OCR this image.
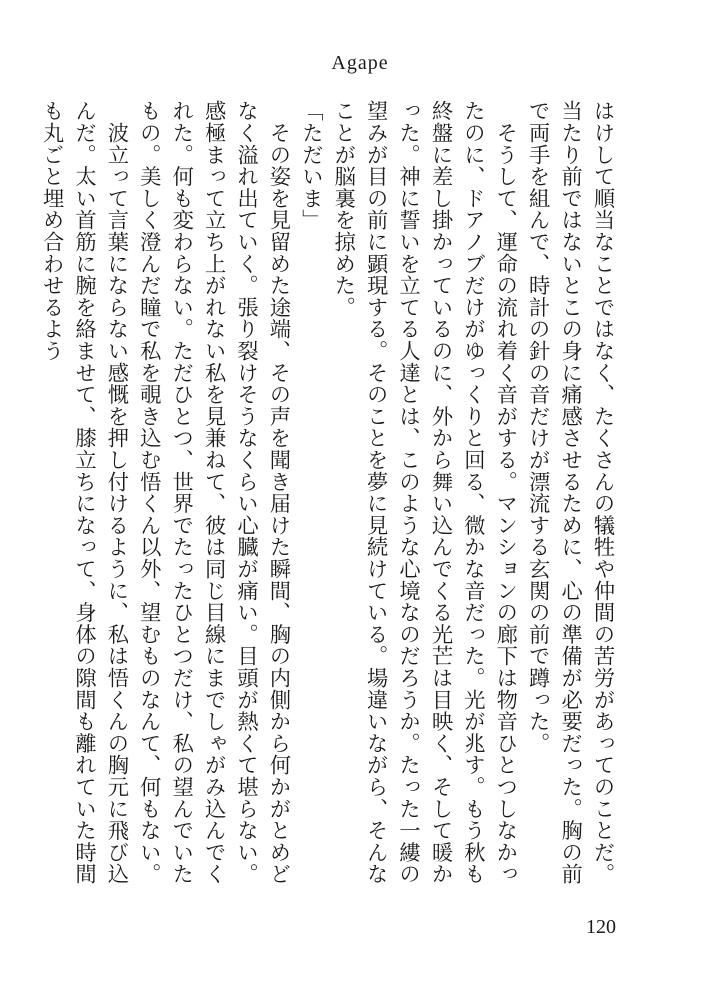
Agape

はけして順当なことではなく、たくさんの犠牲や仲間の苦労があってのことだ。当たり前ではないとこの身に痛感させるために、心の準備が必要だった。胸の前で両手を組んで、時計の針の音だけが漂流する玄関の前で蹲った。

　そうして、運命の流れ着く音がする。マンションの廊下は物音ひとつしなかったのに、ドアノブだけがゆっくりと回る、微かな音だった。光が兆す。もう秋も終盤に差し掛かっているのに、外から舞い込んでくる光芒は目映く、そして暖かった。神に誓いを立てる人達とは、このような心境なのだろうか。たった一縷の望みが目の前に顕現する。そのことを夢に見続けている。場違いながら、そんなことが脳裏を掠めた。

「ただいま」

　その姿を見留めた途端、その声を聞き届けた瞬間、胸の内側から何かがとめどなく溢れ出ていく。張り裂けそうなくらい心臓が痛い。目頭が熱くて堪らない。感極まって立ち上がれない私を見兼ねて、彼は同じ目線にまでしゃがみ込んでくれた。何も変わらない。ただひとつ、世界でたったひとつだけ、私の望んでいたもの。美しく澄んだ瞳で私を覗き込む悟くん以外、望むものなんて、何もない。

　波立って言葉にならない感慨を押し付けるように、私は悟くんの胸元に飛び込んだ。太い首筋に腕を絡ませて、膝立ちになって、身体の隙間も離れていた時間も丸ごと埋め合わせるよう

120
